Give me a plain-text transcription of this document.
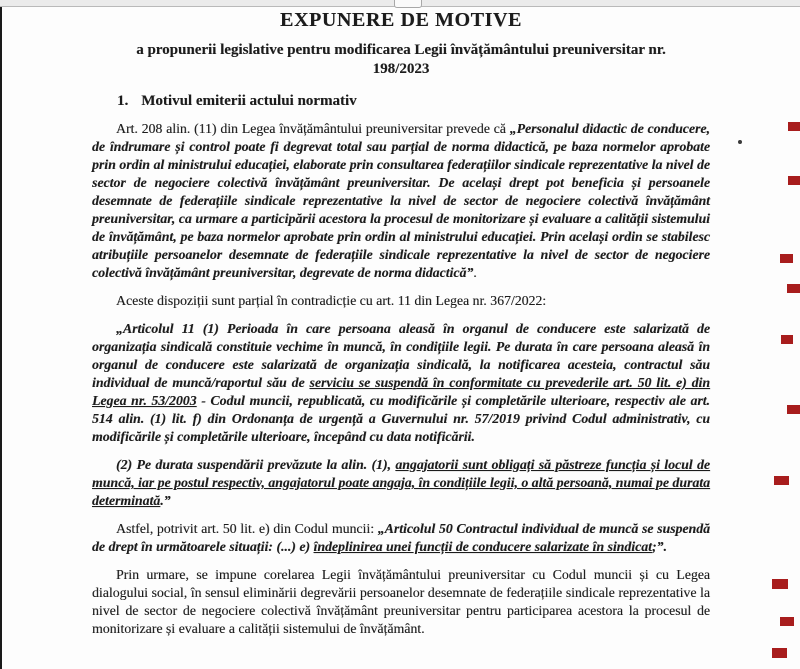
EXPUNERE DE MOTIVE
a propunerii legislative pentru modificarea Legii învățământului preuniversitar nr.
198/2023
1. Motivul emiterii actului normativ

Art. 208 alin. (11) din Legea învățământului preuniversitar prevede că „Personalul didactic de conducere, de îndrumare și control poate fi degrevat total sau parțial de norma didactică, pe baza normelor aprobate prin ordin al ministrului educației, elaborate prin consultarea federațiilor sindicale reprezentative la nivel de sector de negociere colectivă învățământ preuniversitar. De același drept pot beneficia și persoanele desemnate de federațiile sindicale reprezentative la nivel de sector de negociere colectivă învățământ preuniversitar, ca urmare a participării acestora la procesul de monitorizare și evaluare a calității sistemului de învățământ, pe baza normelor aprobate prin ordin al ministrului educației. Prin același ordin se stabilesc atribuțiile persoanelor desemnate de federațiile sindicale reprezentative la nivel de sector de negociere colectivă învățământ preuniversitar, degrevate de norma didactică”.

Aceste dispoziții sunt parțial în contradicție cu art. 11 din Legea nr. 367/2022:

„Articolul 11 (1) Perioada în care persoana aleasă în organul de conducere este salarizată de organizația sindicală constituie vechime în muncă, în condițiile legii. Pe durata în care persoana aleasă în organul de conducere este salarizată de organizația sindicală, la notificarea acesteia, contractul său individual de muncă/raportul său de serviciu se suspendă în conformitate cu prevederile art. 50 lit. e) din Legea nr. 53/2003 - Codul muncii, republicată, cu modificările și completările ulterioare, respectiv ale art. 514 alin. (1) lit. f) din Ordonanța de urgență a Guvernului nr. 57/2019 privind Codul administrativ, cu modificările și completările ulterioare, începând cu data notificării.

(2) Pe durata suspendării prevăzute la alin. (1), angajatorii sunt obligați să păstreze funcția și locul de muncă, iar pe postul respectiv, angajatorul poate angaja, în condițiile legii, o altă persoană, numai pe durata determinată.”

Astfel, potrivit art. 50 lit. e) din Codul muncii: „Articolul 50 Contractul individual de muncă se suspendă de drept în următoarele situații: (...) e) îndeplinirea unei funcții de conducere salarizate în sindicat;”.

Prin urmare, se impune corelarea Legii învățământului preuniversitar cu Codul muncii și cu Legea dialogului social, în sensul eliminării degrevării persoanelor desemnate de federațiile sindicale reprezentative la nivel de sector de negociere colectivă învățământ preuniversitar pentru participarea acestora la procesul de monitorizare și evaluare a calității sistemului de învățământ.
